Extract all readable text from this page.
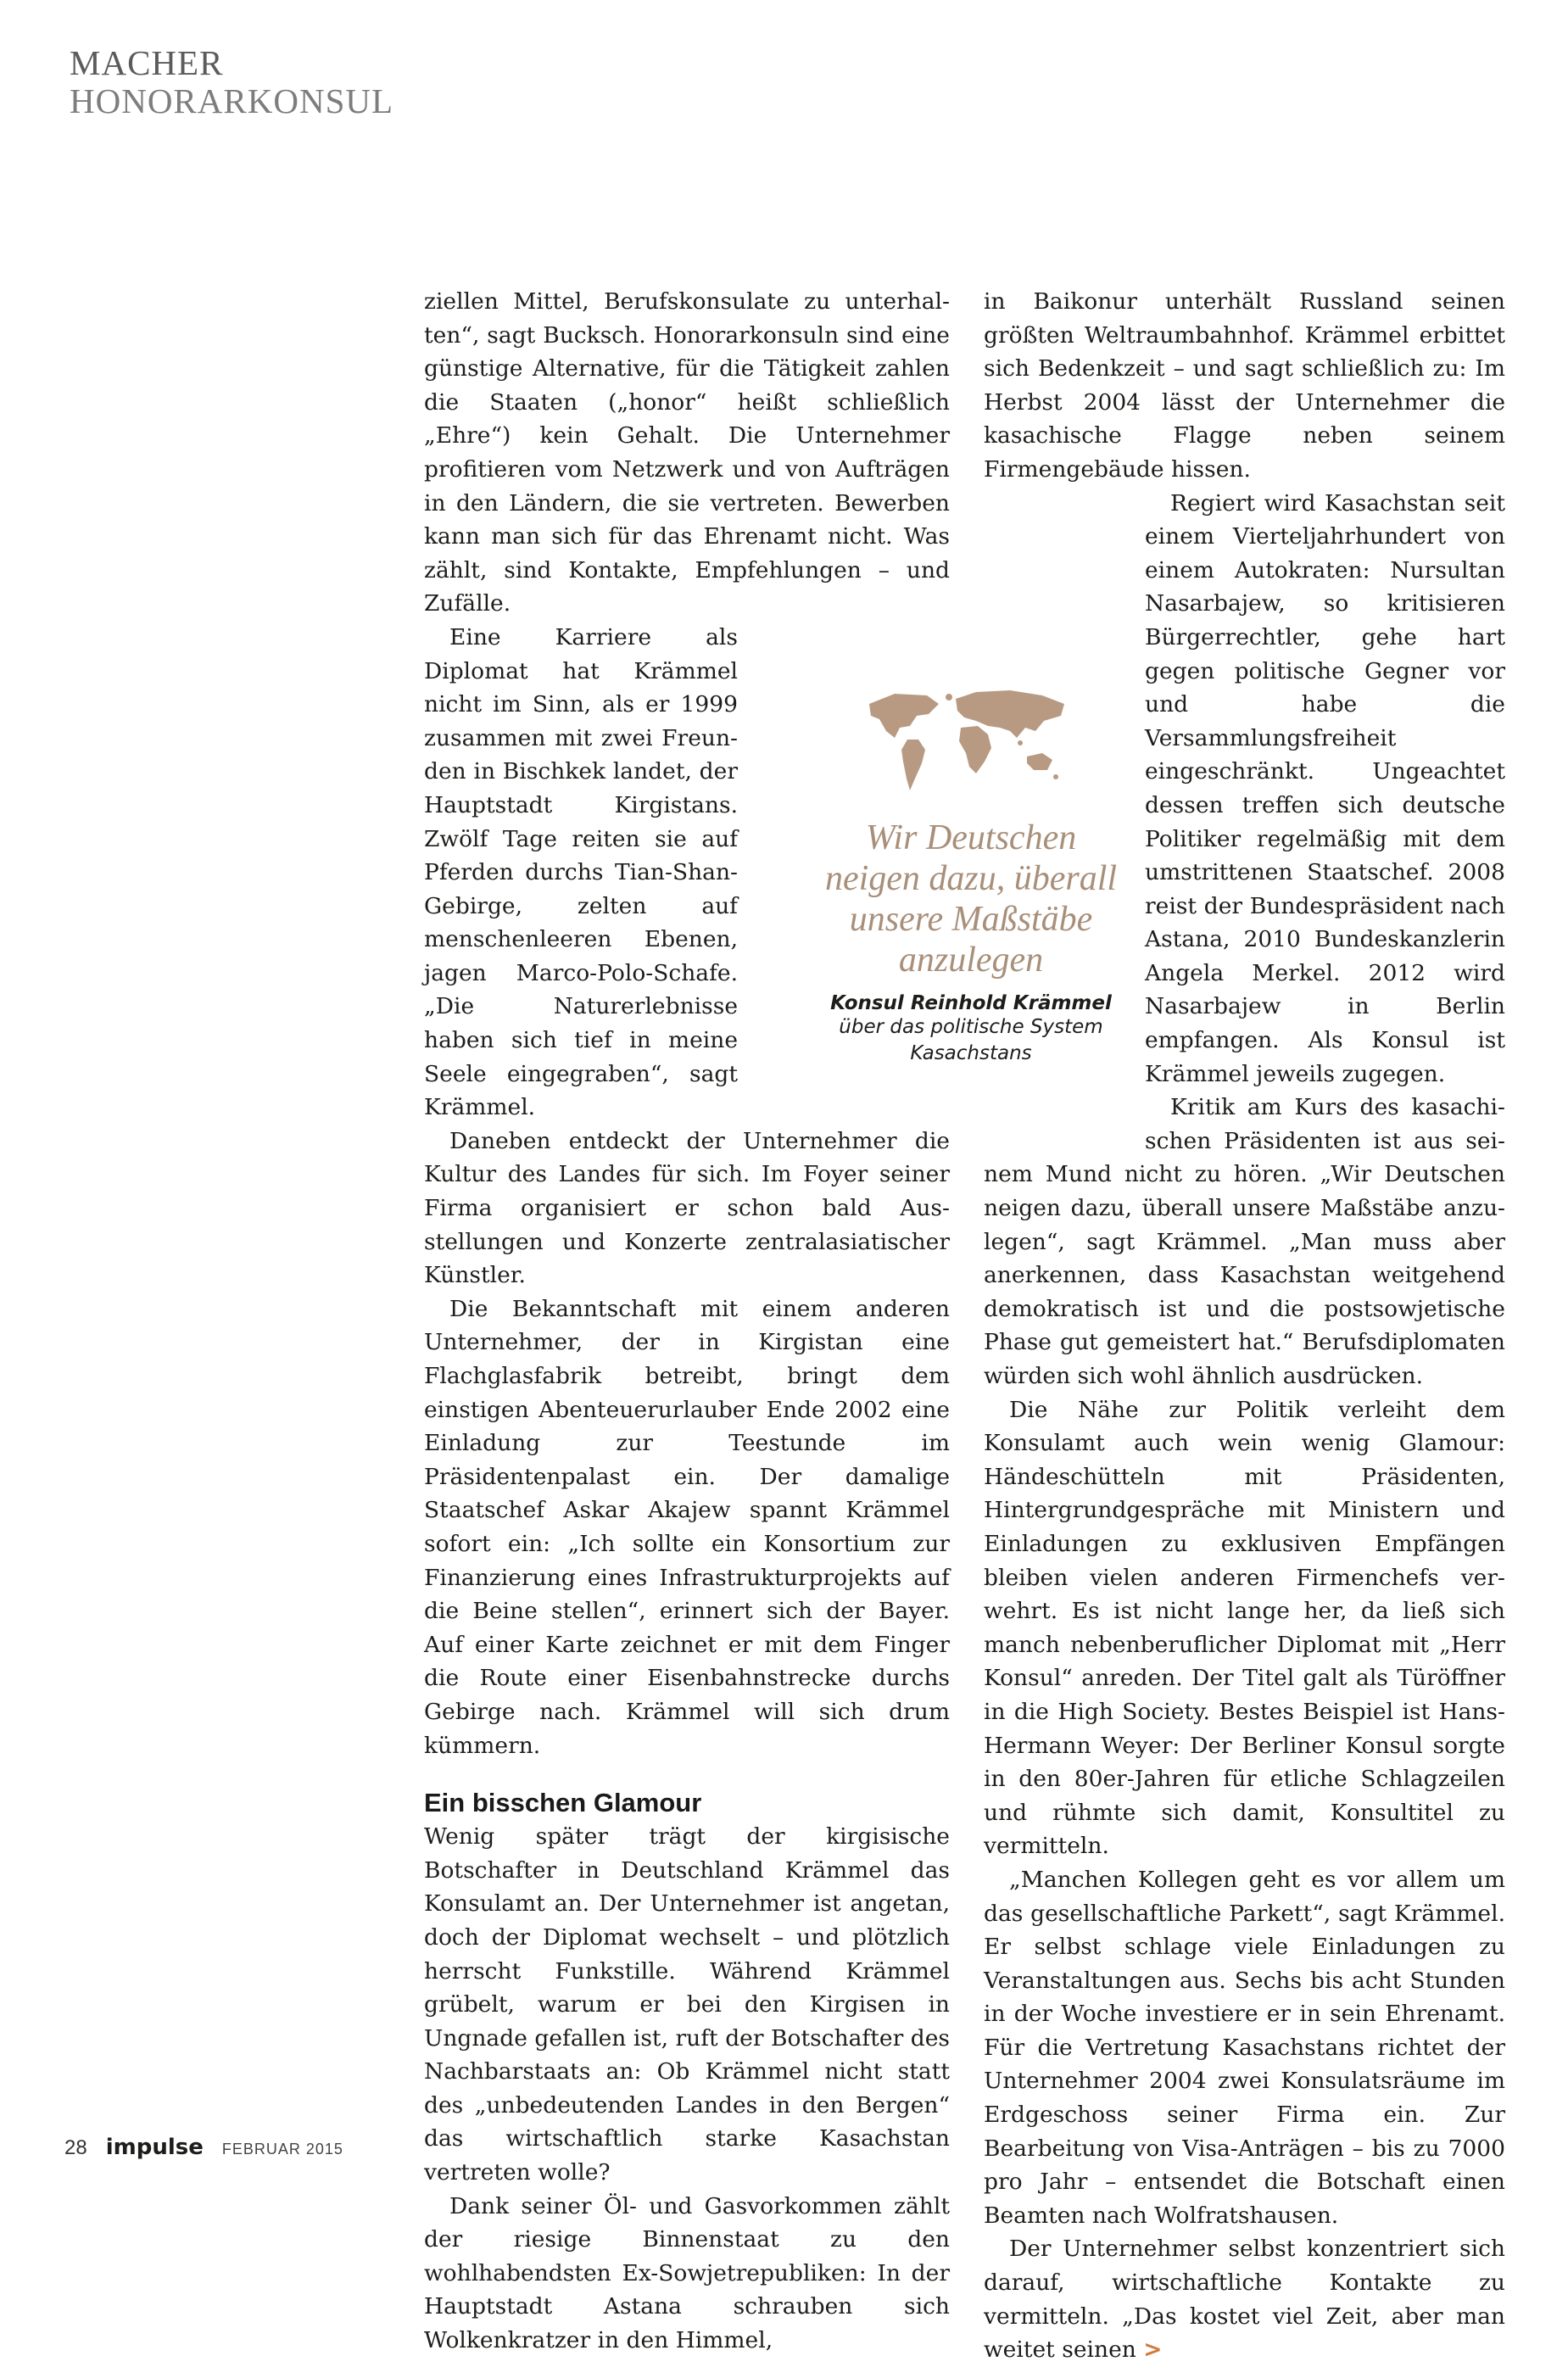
MACHER
HONORARKONSUL

ziellen Mittel, Berufskonsulate zu unterhalten“, sagt Bucksch. Honorarkonsuln sind eine günstige Alternative, für die Tätigkeit zahlen die Staaten („honor“ heißt schließlich „Ehre“) kein Gehalt. Die Unternehmer profitieren vom Netzwerk und von Aufträgen in den Ländern, die sie vertreten. Bewerben kann man sich für das Ehrenamt nicht. Was zählt, sind Kontakte, Empfehlungen – und Zufälle.

Eine Karriere als Diplomat hat Krämmel nicht im Sinn, als er 1999 zusammen mit zwei Freunden in Bischkek landet, der Hauptstadt Kirgistans. Zwölf Tage reiten sie auf Pferden durchs Tian-Shan-Gebirge, zelten auf menschenleeren Ebenen, jagen Marco-Polo-Schafe. „Die Naturerlebnisse haben sich tief in meine Seele eingegraben“, sagt Krämmel.

Daneben entdeckt der Unternehmer die Kultur des Landes für sich. Im Foyer seiner Firma organisiert er schon bald Ausstellungen und Konzerte zentralasiatischer Künstler.

Die Bekanntschaft mit einem anderen Unternehmer, der in Kirgistan eine Flachglasfabrik betreibt, bringt dem einstigen Abenteuerurlauber Ende 2002 eine Einladung zur Teestunde im Präsidentenpalast ein. Der damalige Staatschef Askar Akajew spannt Krämmel sofort ein: „Ich sollte ein Konsortium zur Finanzierung eines Infrastrukturprojekts auf die Beine stellen“, erinnert sich der Bayer. Auf einer Karte zeichnet er mit dem Finger die Route einer Eisenbahnstrecke durchs Gebirge nach. Krämmel will sich drum kümmern.

Ein bisschen Glamour

Wenig später trägt der kirgisische Botschafter in Deutschland Krämmel das Konsulamt an. Der Unternehmer ist angetan, doch der Diplomat wechselt – und plötzlich herrscht Funkstille. Während Krämmel grübelt, warum er bei den Kirgisen in Ungnade gefallen ist, ruft der Botschafter des Nachbarstaats an: Ob Krämmel nicht statt des „unbedeutenden Landes in den Bergen“ das wirtschaftlich starke Kasachstan vertreten wolle?

Dank seiner Öl- und Gasvorkommen zählt der riesige Binnenstaat zu den wohlhabendsten Ex-Sowjetrepubliken: In der Hauptstadt Astana schrauben sich Wolkenkratzer in den Himmel,

in Baikonur unterhält Russland seinen größten Weltraumbahnhof. Krämmel erbittet sich Bedenkzeit – und sagt schließlich zu: Im Herbst 2004 lässt der Unternehmer die kasachische Flagge neben seinem Firmengebäude hissen.

Regiert wird Kasachstan seit einem Vierteljahrhundert von einem Autokraten: Nursultan Nasarbajew, so kritisieren Bürgerrechtler, gehe hart gegen politische Gegner vor und habe die Versammlungsfreiheit eingeschränkt. Ungeachtet dessen treffen sich deutsche Politiker regelmäßig mit dem umstrittenen Staatschef. 2008 reist der Bundespräsident nach Astana, 2010 Bundeskanzlerin Angela Merkel. 2012 wird Nasarbajew in Berlin empfangen. Als Konsul ist Krämmel jeweils zugegen.

Kritik am Kurs des kasachischen Präsidenten ist aus seinem Mund nicht zu hören. „Wir Deutschen neigen dazu, überall unsere Maßstäbe anzulegen“, sagt Krämmel. „Man muss aber anerkennen, dass Kasachstan weitgehend demokratisch ist und die postsowjetische Phase gut gemeistert hat.“ Berufsdiplomaten würden sich wohl ähnlich ausdrücken.

Die Nähe zur Politik verleiht dem Konsulamt auch wein wenig Glamour: Händeschütteln mit Präsidenten, Hintergrundgespräche mit Ministern und Einladungen zu exklusiven Empfängen bleiben vielen anderen Firmenchefs verwehrt. Es ist nicht lange her, da ließ sich manch nebenberuflicher Diplomat mit „Herr Konsul“ anreden. Der Titel galt als Türöffner in die High Society. Bestes Beispiel ist Hans-Hermann Weyer: Der Berliner Konsul sorgte in den 80er-Jahren für etliche Schlagzeilen und rühmte sich damit, Konsultitel zu vermitteln.

„Manchen Kollegen geht es vor allem um das gesellschaftliche Parkett“, sagt Krämmel. Er selbst schlage viele Einladungen zu Veranstaltungen aus. Sechs bis acht Stunden in der Woche investiere er in sein Ehrenamt. Für die Vertretung Kasachstans richtet der Unternehmer 2004 zwei Konsulatsräume im Erdgeschoss seiner Firma ein. Zur Bearbeitung von Visa-Anträgen – bis zu 7000 pro Jahr – entsendet die Botschaft einen Beamten nach Wolfratshausen.

Der Unternehmer selbst konzentriert sich darauf, wirtschaftliche Kontakte zu vermitteln. „Das kostet viel Zeit, aber man weitet seinen >

Wir Deutschen neigen dazu, überall unsere Maßstäbe anzulegen
Konsul Reinhold Krämmel
über das politische System Kasachstans
28 impulse FEBRUAR 2015
